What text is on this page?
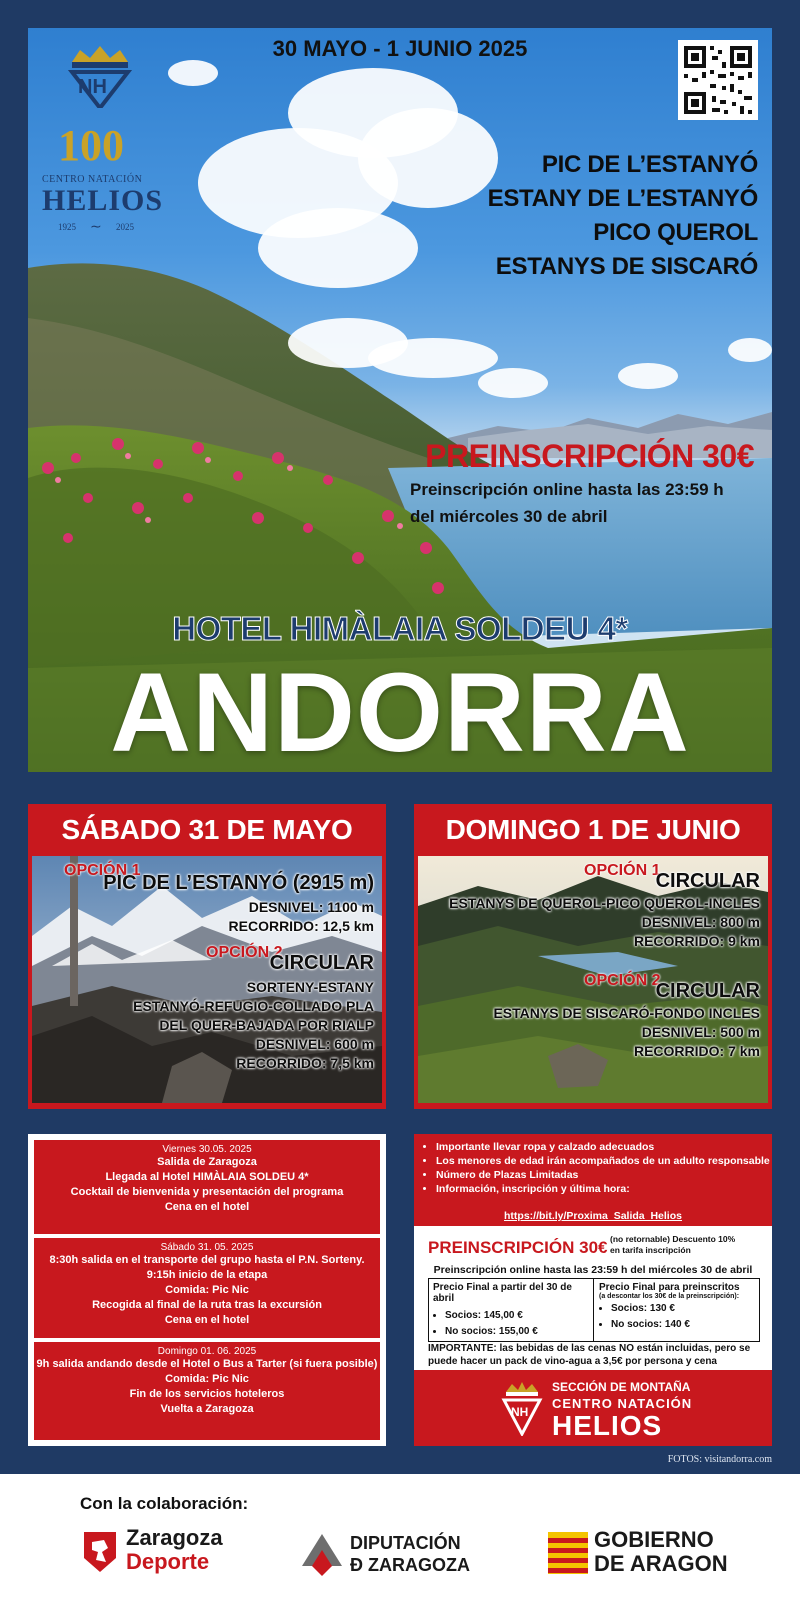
NH
100
CENTRO NATACIÓN
HELIOS
1925 ∼ 2025
30 MAYO - 1 JUNIO 2025
PIC DE L’ESTANYÓ
ESTANY DE L’ESTANYÓ
PICO QUEROL
ESTANYS DE SISCARÓ
PREINSCRIPCIÓN 30€
Preinscripción online hasta las 23:59 h
del miércoles 30 de abril
HOTEL HIMÀLAIA SOLDEU 4*
ANDORRA
SÁBADO 31 DE MAYO
OPCIÓN 1
PIC DE L’ESTANYÓ (2915 m)
DESNIVEL: 1100 m
RECORRIDO: 12,5 km
OPCIÓN 2
CIRCULAR
SORTENY-ESTANY
ESTANYÓ-REFUGIO-COLLADO PLA
DEL QUER-BAJADA POR RIALP
DESNIVEL: 600 m
RECORRIDO: 7,5 km
DOMINGO 1 DE JUNIO
OPCIÓN 1
CIRCULAR
ESTANYS DE QUEROL-PICO QUEROL-INCLES
DESNIVEL: 800 m
RECORRIDO: 9 km
OPCIÓN 2
CIRCULAR
ESTANYS DE SISCARÓ-FONDO INCLES
DESNIVEL: 500 m
RECORRIDO: 7 km
Viernes 30.05. 2025
Salida de Zaragoza
Llegada al Hotel HIMÀLAIA SOLDEU 4*
Cocktail de bienvenida y presentación del programa
Cena en el hotel
Sábado 31. 05. 2025
8:30h salida en el transporte del grupo hasta el P.N. Sorteny.
9:15h inicio de la etapa
Comida: Pic Nic
Recogida al final de la ruta tras la excursión
Cena en el hotel
Domingo 01. 06. 2025
9h salida andando desde el Hotel o Bus a Tarter (si fuera posible)
Comida: Pic Nic
Fin de los servicios hoteleros
Vuelta a Zaragoza
• Importante llevar ropa y calzado adecuados
• Los menores de edad irán acompañados de un adulto responsable
• Número de Plazas Limitadas
• Información, inscripción y última hora:
https://bit.ly/Proxima_Salida_Helios
PREINSCRIPCIÓN 30€ (no retornable) Descuento 10%
en tarifa inscripción
Preinscripción online hasta las 23:59 h del miércoles 30 de abril
Precio Final a partir del 30 de abril
• Socios: 145,00 €
• No socios: 155,00 €
Precio Final para preinscritos
(a descontar los 30€ de la preinscripción):
• Socios: 130 €
• No socios: 140 €
IMPORTANTE: las bebidas de las cenas NO están incluidas, pero se puede hacer un pack de vino-agua a 3,5€ por persona y cena
NH
SECCIÓN DE MONTAÑA
CENTRO NATACIÓN
HELIOS
FOTOS: visitandorra.com
Con la colaboración:
Zaragoza
Deporte
DIPUTACIÓN
Ð ZARAGOZA
GOBIERNO
DE ARAGON
